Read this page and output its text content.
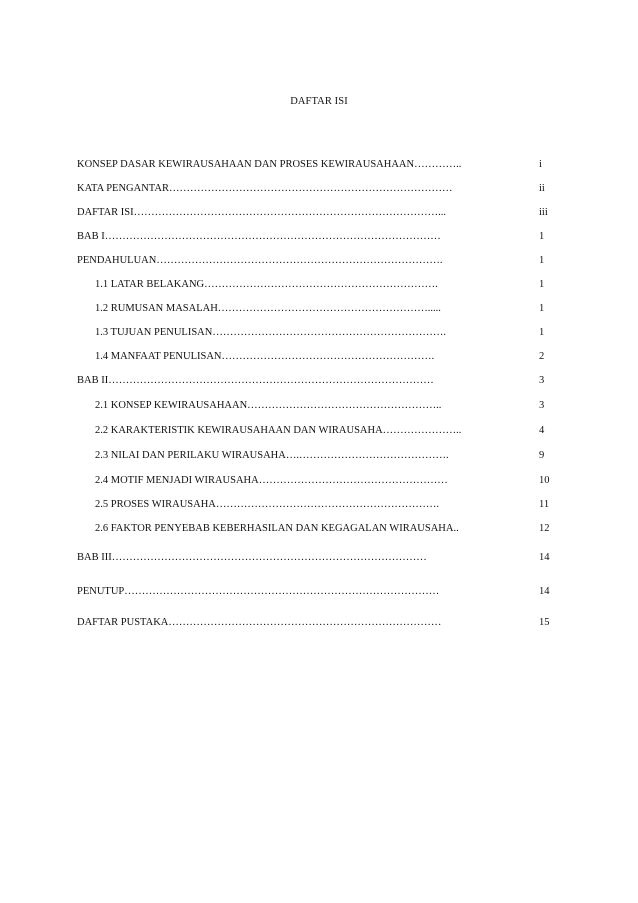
DAFTAR ISI
KONSEP DASAR KEWIRAUSAHAAN DAN PROSES KEWIRAUSAHAAN…………..	i
KATA PENGANTAR………………………………………………………………………	ii
DAFTAR ISI……………………………………………………………………………...	iii
BAB I……………………………………………………………………………………	1
PENDAHULUAN……………………………………………………………………….	1
1.1 LATAR BELAKANG………………………………………………………….	1
1.2 RUMUSAN MASALAH…………………………………………………….....	1
1.3 TUJUAN PENULISAN………………………………………………………….	1
1.4 MANFAAT PENULISAN…………………………………………………….	2
BAB II…………………………………………………………………………………	3
2.1 KONSEP KEWIRAUSAHAAN………………………………………………..	3
2.2 KARAKTERISTIK KEWIRAUSAHAAN DAN WIRAUSAHA…………………..	4
2.3 NILAI DAN PERILAKU WIRAUSAHA….…………………………………….	9
2.4 MOTIF MENJADI WIRAUSAHA………………………………………………	10
2.5 PROSES WIRAUSAHA……………………………………………………….	11
2.6 FAKTOR PENYEBAB KEBERHASILAN DAN KEGAGALAN WIRAUSAHA..	12
BAB III………………………………………………………………………………	14
PENUTUP………………………………………………………………………………	14
DAFTAR PUSTAKA……………………………………………………………………	15
